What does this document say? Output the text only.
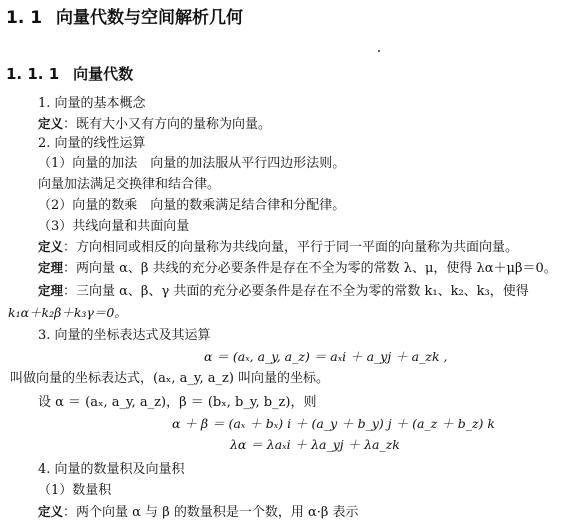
1. 1 向量代数与空间解析几何
1. 1. 1 向量代数
1. 向量的基本概念
定义：既有大小又有方向的量称为向量。
2. 向量的线性运算
（1）向量的加法　向量的加法服从平行四边形法则。
向量加法满足交换律和结合律。
（2）向量的数乘　向量的数乘满足结合律和分配律。
（3）共线向量和共面向量
定义：方向相同或相反的向量称为共线向量，平行于同一平面的向量称为共面向量。
定理：两向量 α、β 共线的充分必要条件是存在不全为零的常数 λ、μ，使得 λα＋μβ＝0。
定理：三向量 α、β、γ 共面的充分必要条件是存在不全为零的常数 k₁、k₂、k₃，使得
k₁α＋k₂β＋k₃γ＝0。
3. 向量的坐标表达式及其运算
α ＝ (aₓ, a_y, a_z) ＝ aₓi ＋ a_yj ＋ a_zk ,
叫做向量的坐标表达式，(aₓ, a_y, a_z) 叫向量的坐标。
设 α ＝ (aₓ, a_y, a_z)，β ＝ (bₓ, b_y, b_z)，则
α ＋ β ＝ (aₓ ＋ bₓ) i ＋ (a_y ＋ b_y) j ＋ (a_z ＋ b_z) k
λα ＝ λaₓi ＋ λa_yj ＋ λa_zk
4. 向量的数量积及向量积
（1）数量积
定义：两个向量 α 与 β 的数量积是一个数，用 α·β 表示
